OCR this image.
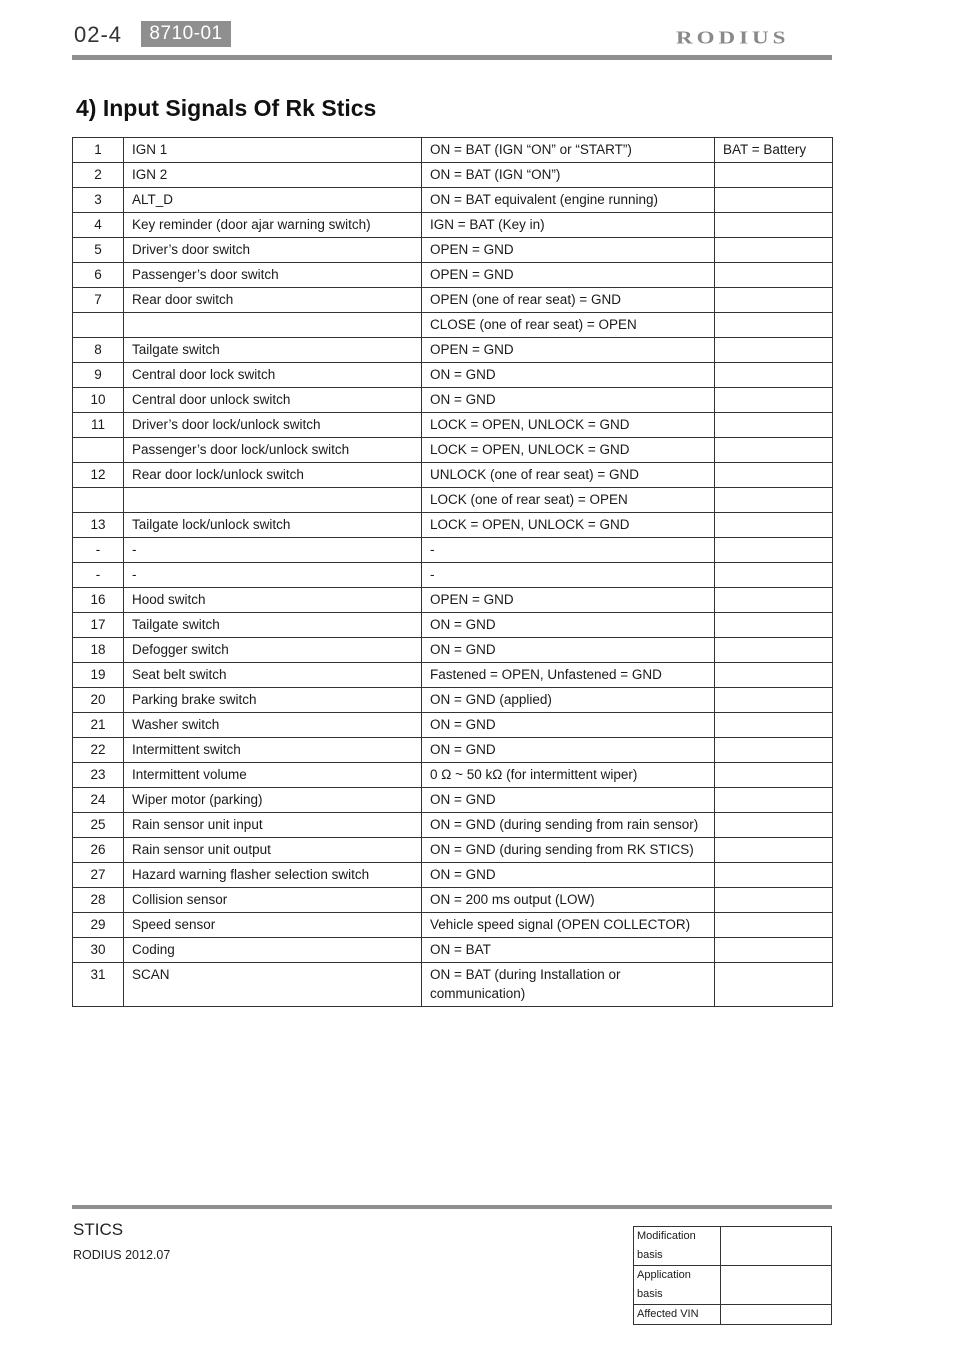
02-4	8710-01	RODIUS
4) Input Signals Of Rk Stics
1	IGN 1	ON = BAT (IGN “ON” or “START”)	BAT = Battery
2	IGN 2	ON = BAT (IGN “ON”)	
3	ALT_D	ON = BAT equivalent (engine running)	
4	Key reminder (door ajar warning switch)	IGN = BAT (Key in)	
5	Driver’s door switch	OPEN = GND	
6	Passenger’s door switch	OPEN = GND	
7	Rear door switch	OPEN (one of rear seat) = GND	
		CLOSE (one of rear seat) = OPEN	
8	Tailgate switch	OPEN = GND	
9	Central door lock switch	ON = GND	
10	Central door unlock switch	ON = GND	
11	Driver’s door lock/unlock switch	LOCK = OPEN, UNLOCK = GND	
	Passenger’s door lock/unlock switch	LOCK = OPEN, UNLOCK = GND	
12	Rear door lock/unlock switch	UNLOCK (one of rear seat) = GND	
		LOCK (one of rear seat) = OPEN	
13	Tailgate lock/unlock switch	LOCK = OPEN, UNLOCK = GND	
-	-	-	
-	-	-	
16	Hood switch	OPEN = GND	
17	Tailgate switch	ON = GND	
18	Defogger switch	ON = GND	
19	Seat belt switch	Fastened = OPEN, Unfastened = GND	
20	Parking brake switch	ON = GND (applied)	
21	Washer switch	ON = GND	
22	Intermittent switch	ON = GND	
23	Intermittent volume	0 Ω ~ 50 kΩ (for intermittent wiper)	
24	Wiper motor (parking)	ON = GND	
25	Rain sensor unit input	ON = GND (during sending from rain sensor)	
26	Rain sensor unit output	ON = GND (during sending from RK STICS)	
27	Hazard warning flasher selection switch	ON = GND	
28	Collision sensor	ON = 200 ms output (LOW)	
29	Speed sensor	Vehicle speed signal (OPEN COLLECTOR)	
30	Coding	ON = BAT	
31	SCAN	ON = BAT (during Installation or communication)	
STICS
RODIUS 2012.07
Modification basis	
Application basis	
Affected VIN	
